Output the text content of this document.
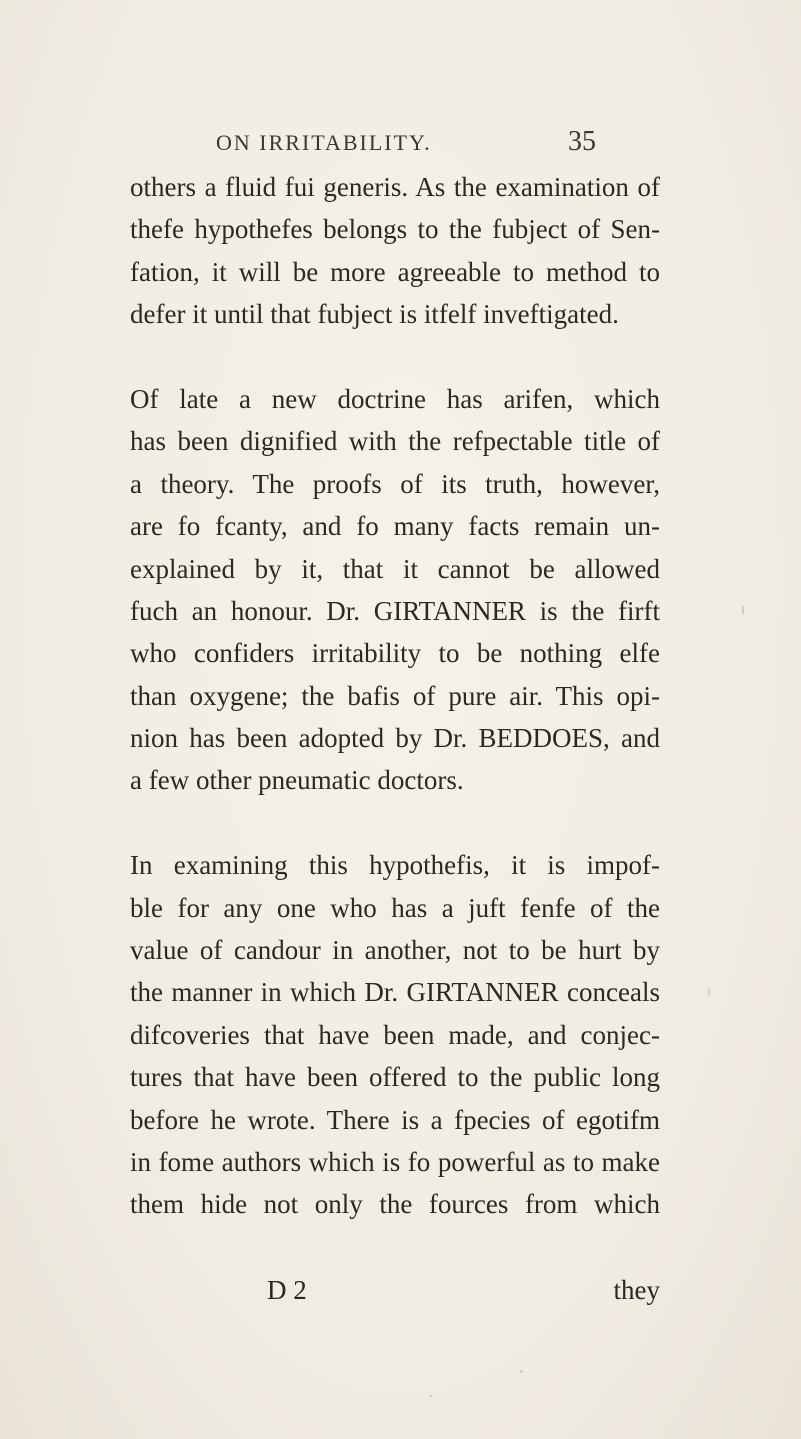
ON IRRITABILITY.	35
others a fluid fui generis. As the examination of
thefe hypothefes belongs to the fubject of Sen-
fation, it will be more agreeable to method to
defer it until that fubject is itfelf inveftigated.
Of late a new doctrine has arifen, which
has been dignified with the refpectable title of
a theory. The proofs of its truth, however,
are fo fcanty, and fo many facts remain un-
explained by it, that it cannot be allowed
fuch an honour. Dr. GIRTANNER is the firft
who confiders irritability to be nothing elfe
than oxygene; the bafis of pure air. This opi-
nion has been adopted by Dr. BEDDOES, and
a few other pneumatic doctors.
In examining this hypothefis, it is impof-
ble for any one who has a juft fenfe of the
value of candour in another, not to be hurt by
the manner in which Dr. GIRTANNER conceals
difcoveries that have been made, and conjec-
tures that have been offered to the public long
before he wrote. There is a fpecies of egotifm
in fome authors which is fo powerful as to make
them hide not only the fources from which
D 2	they
